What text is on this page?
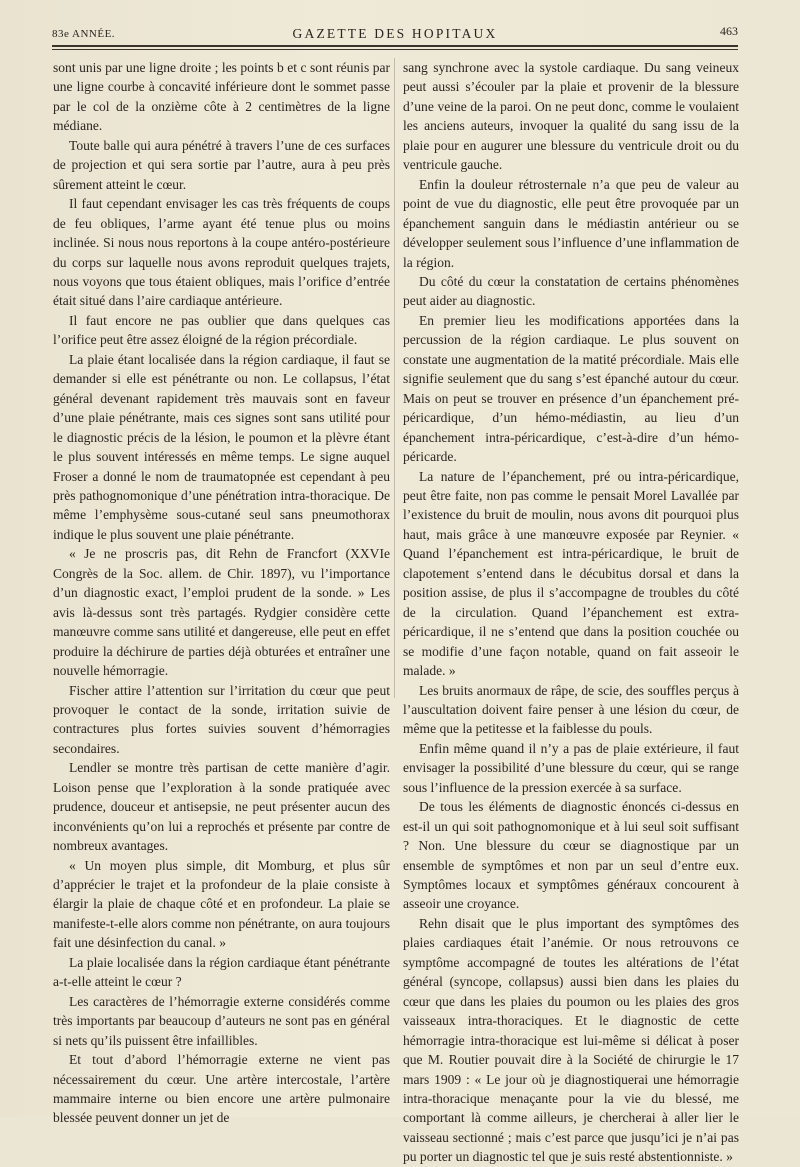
83e ANNÉE.	GAZETTE DES HOPITAUX	463

sont unis par une ligne droite ; les points b et c sont réunis par une ligne courbe à concavité inférieure dont le sommet passe par le col de la onzième côte à 2 centimètres de la ligne médiane.

Toute balle qui aura pénétré à travers l’une de ces surfaces de projection et qui sera sortie par l’autre, aura à peu près sûrement atteint le cœur.

Il faut cependant envisager les cas très fréquents de coups de feu obliques, l’arme ayant été tenue plus ou moins inclinée. Si nous nous reportons à la coupe antéro-postérieure du corps sur laquelle nous avons reproduit quelques trajets, nous voyons que tous étaient obliques, mais l’orifice d’entrée était situé dans l’aire cardiaque antérieure.

Il faut encore ne pas oublier que dans quelques cas l’orifice peut être assez éloigné de la région précordiale.

La plaie étant localisée dans la région cardiaque, il faut se demander si elle est pénétrante ou non. Le collapsus, l’état général devenant rapidement très mauvais sont en faveur d’une plaie pénétrante, mais ces signes sont sans utilité pour le diagnostic précis de la lésion, le poumon et la plèvre étant le plus souvent intéressés en même temps. Le signe auquel Froser a donné le nom de traumatopnée est cependant à peu près pathognomonique d’une pénétration intra-thoracique. De même l’emphysème sous-cutané seul sans pneumothorax indique le plus souvent une plaie pénétrante.

« Je ne proscris pas, dit Rehn de Francfort (XXVIe Congrès de la Soc. allem. de Chir. 1897), vu l’importance d’un diagnostic exact, l’emploi prudent de la sonde. » Les avis là-dessus sont très partagés. Rydgier considère cette manœuvre comme sans utilité et dangereuse, elle peut en effet produire la déchirure de parties déjà obturées et entraîner une nouvelle hémorragie.

Fischer attire l’attention sur l’irritation du cœur que peut provoquer le contact de la sonde, irritation suivie de contractures plus fortes suivies souvent d’hémorragies secondaires.

Lendler se montre très partisan de cette manière d’agir. Loison pense que l’exploration à la sonde pratiquée avec prudence, douceur et antisepsie, ne peut présenter aucun des inconvénients qu’on lui a reprochés et présente par contre de nombreux avantages.

« Un moyen plus simple, dit Momburg, et plus sûr d’apprécier le trajet et la profondeur de la plaie consiste à élargir la plaie de chaque côté et en profondeur. La plaie se manifeste-t-elle alors comme non pénétrante, on aura toujours fait une désinfection du canal. »

La plaie localisée dans la région cardiaque étant pénétrante a-t-elle atteint le cœur ?

Les caractères de l’hémorragie externe considérés comme très importants par beaucoup d’auteurs ne sont pas en général si nets qu’ils puissent être infaillibles.

Et tout d’abord l’hémorragie externe ne vient pas nécessairement du cœur. Une artère intercostale, l’artère mammaire interne ou bien encore une artère pulmonaire blessée peuvent donner un jet de

sang synchrone avec la systole cardiaque. Du sang veineux peut aussi s’écouler par la plaie et provenir de la blessure d’une veine de la paroi. On ne peut donc, comme le voulaient les anciens auteurs, invoquer la qualité du sang issu de la plaie pour en augurer une blessure du ventricule droit ou du ventricule gauche.

Enfin la douleur rétrosternale n’a que peu de valeur au point de vue du diagnostic, elle peut être provoquée par un épanchement sanguin dans le médiastin antérieur ou se développer seulement sous l’influence d’une inflammation de la région.

Du côté du cœur la constatation de certains phénomènes peut aider au diagnostic.

En premier lieu les modifications apportées dans la percussion de la région cardiaque. Le plus souvent on constate une augmentation de la matité précordiale. Mais elle signifie seulement que du sang s’est épanché autour du cœur. Mais on peut se trouver en présence d’un épanchement pré-péricardique, d’un hémo-médiastin, au lieu d’un épanchement intra-péricardique, c’est-à-dire d’un hémo-péricarde.

La nature de l’épanchement, pré ou intra-péricardique, peut être faite, non pas comme le pensait Morel Lavallée par l’existence du bruit de moulin, nous avons dit pourquoi plus haut, mais grâce à une manœuvre exposée par Reynier. « Quand l’épanchement est intra-péricardique, le bruit de clapotement s’entend dans le décubitus dorsal et dans la position assise, de plus il s’accompagne de troubles du côté de la circulation. Quand l’épanchement est extra-péricardique, il ne s’entend que dans la position couchée ou se modifie d’une façon notable, quand on fait asseoir le malade. »

Les bruits anormaux de râpe, de scie, des souffles perçus à l’auscultation doivent faire penser à une lésion du cœur, de même que la petitesse et la faiblesse du pouls.

Enfin même quand il n’y a pas de plaie extérieure, il faut envisager la possibilité d’une blessure du cœur, qui se range sous l’influence de la pression exercée à sa surface.

De tous les éléments de diagnostic énoncés ci-dessus en est-il un qui soit pathognomonique et à lui seul soit suffisant ? Non. Une blessure du cœur se diagnostique par un ensemble de symptômes et non par un seul d’entre eux. Symptômes locaux et symptômes généraux concourent à asseoir une croyance.

Rehn disait que le plus important des symptômes des plaies cardiaques était l’anémie. Or nous retrouvons ce symptôme accompagné de toutes les altérations de l’état général (syncope, collapsus) aussi bien dans les plaies du cœur que dans les plaies du poumon ou les plaies des gros vaisseaux intra-thoraciques. Et le diagnostic de cette hémorragie intra-thoracique est lui-même si délicat à poser que M. Routier pouvait dire à la Société de chirurgie le 17 mars 1909 : « Le jour où je diagnostiquerai une hémorragie intra-thoracique menaçante pour la vie du blessé, me comportant là comme ailleurs, je chercherai à aller lier le vaisseau sectionné ; mais c’est parce que jusqu’ici je n’ai pas pu porter un diagnostic tel que je suis resté abstentionniste. »
